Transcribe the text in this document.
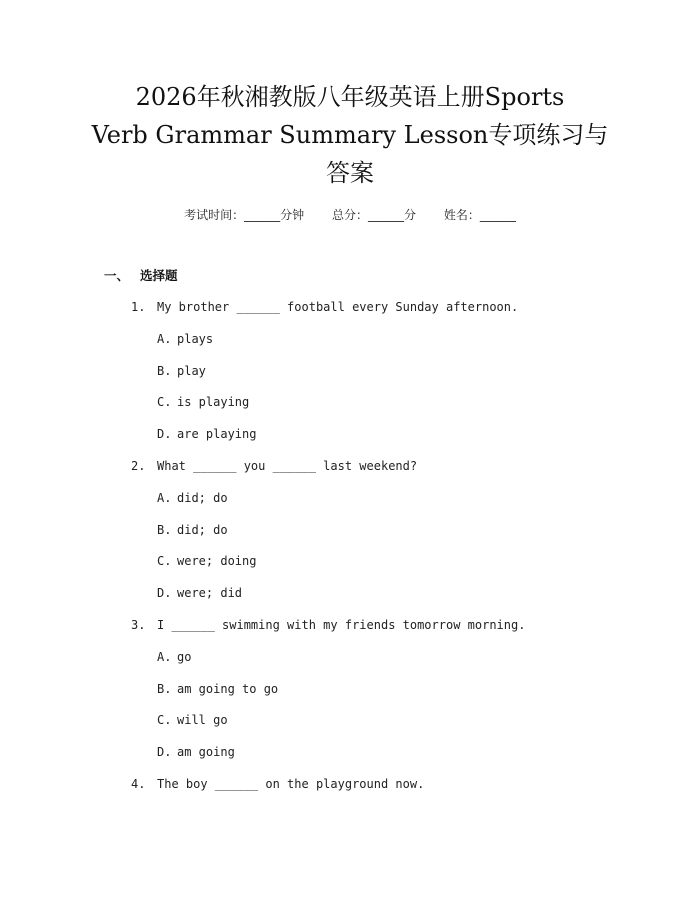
2026年秋湘教版八年级英语上册Sports
Verb Grammar Summary Lesson专项练习与
答案
考试时间：______分钟 总分：______分 姓名：______
一、 选择题
1. My brother ______ football every Sunday afternoon.
A. plays
B. play
C. is playing
D. are playing
2. What ______ you ______ last weekend?
A. did; do
B. did; do
C. were; doing
D. were; did
3. I ______ swimming with my friends tomorrow morning.
A. go
B. am going to go
C. will go
D. am going
4. The boy ______ on the playground now.
